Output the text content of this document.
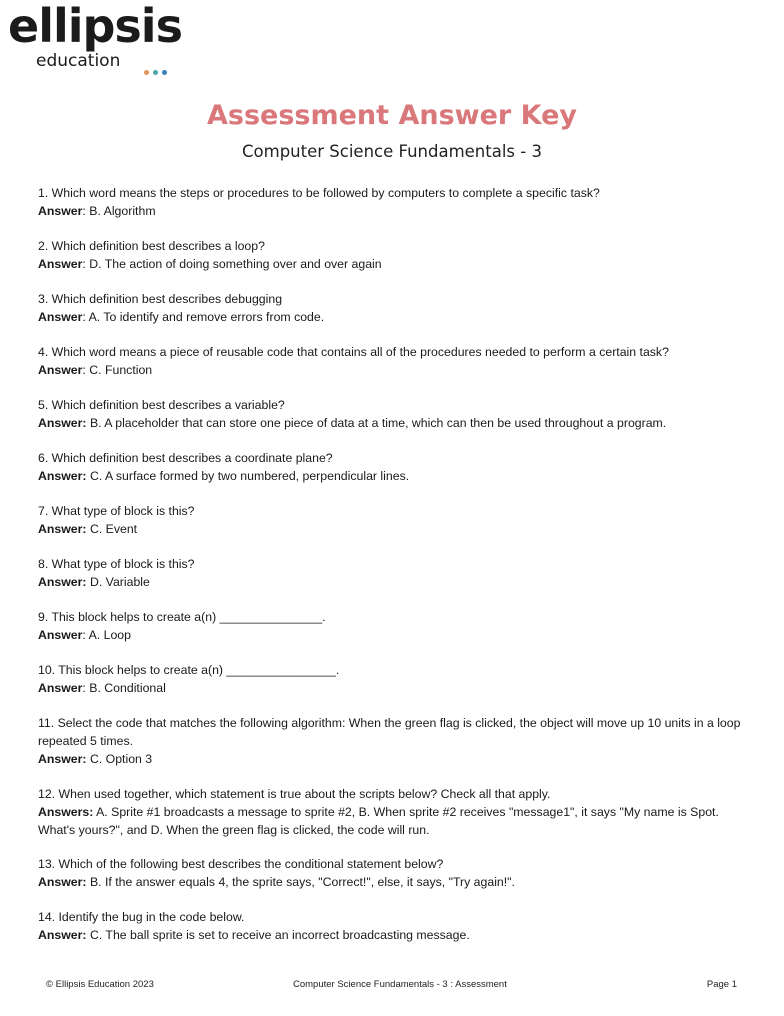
ellipsis
education
Assessment Answer Key
Computer Science Fundamentals - 3
1. Which word means the steps or procedures to be followed by computers to complete a specific task?
Answer: B. Algorithm
2. Which definition best describes a loop?
Answer: D. The action of doing something over and over again
3. Which definition best describes debugging
Answer: A. To identify and remove errors from code.
4. Which word means a piece of reusable code that contains all of the procedures needed to perform a certain task?
Answer: C. Function
5. Which definition best describes a variable?
Answer: B. A placeholder that can store one piece of data at a time, which can then be used throughout a program.
6. Which definition best describes a coordinate plane?
Answer: C. A surface formed by two numbered, perpendicular lines.
7. What type of block is this?
Answer: C. Event
8. What type of block is this?
Answer: D. Variable
9. This block helps to create a(n) _______________.
Answer: A. Loop
10. This block helps to create a(n) ________________.
Answer: B. Conditional
11. Select the code that matches the following algorithm: When the green flag is clicked, the object will move up 10 units in a loop repeated 5 times.
Answer: C. Option 3
12. When used together, which statement is true about the scripts below? Check all that apply.
Answers: A. Sprite #1 broadcasts a message to sprite #2, B. When sprite #2 receives "message1", it says "My name is Spot. What's yours?", and D. When the green flag is clicked, the code will run.
13. Which of the following best describes the conditional statement below?
Answer: B. If the answer equals 4, the sprite says, "Correct!", else, it says, "Try again!".
14. Identify the bug in the code below.
Answer: C. The ball sprite is set to receive an incorrect broadcasting message.
© Ellipsis Education 2023	Computer Science Fundamentals - 3 : Assessment	Page 1
